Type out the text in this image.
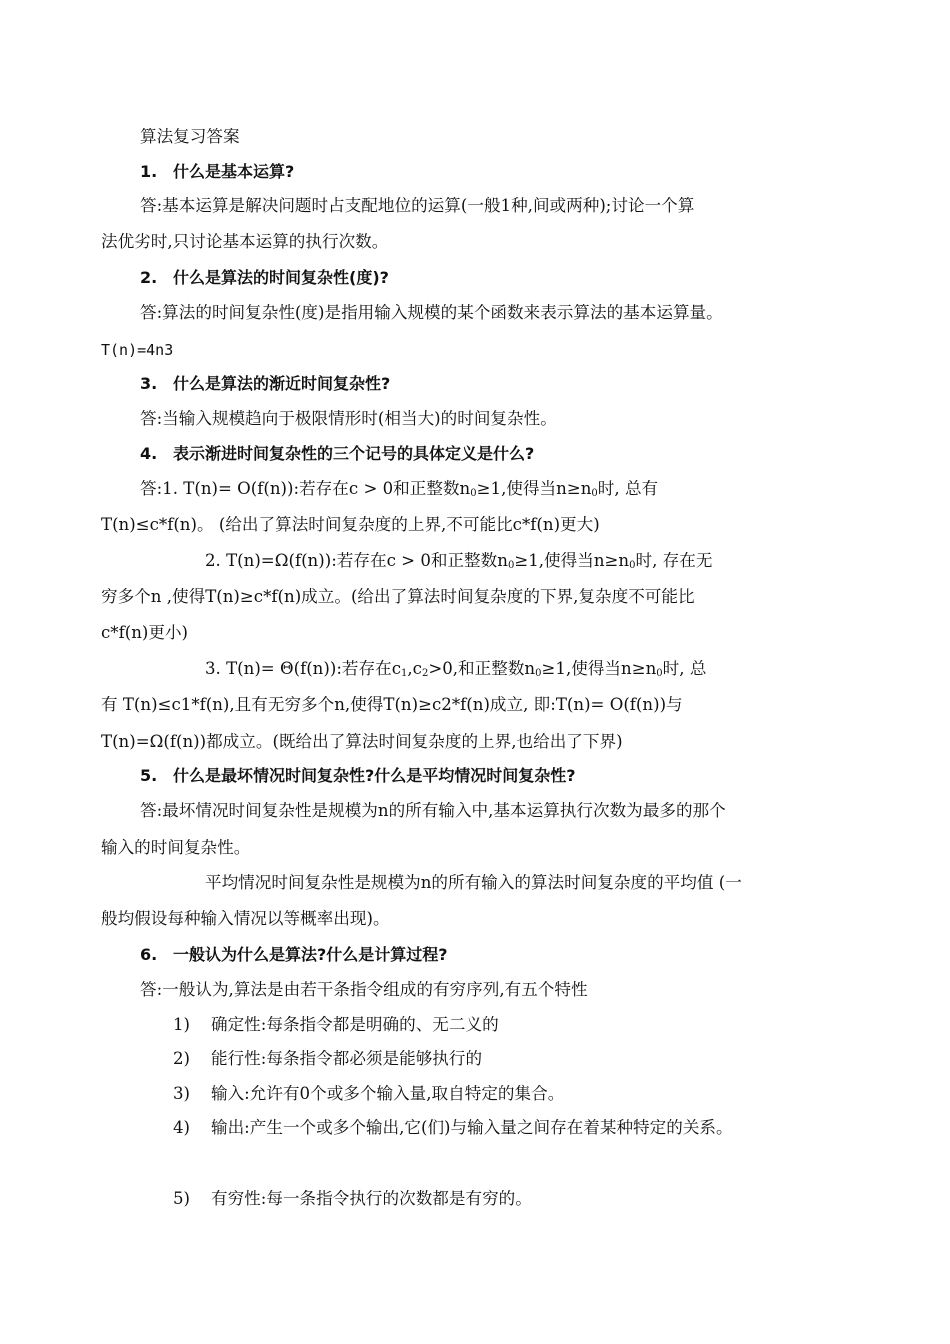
算法复习答案
1. 什么是基本运算?
答:基本运算是解决问题时占支配地位的运算(一般1种,间或两种);讨论一个算
法优劣时,只讨论基本运算的执行次数。
2. 什么是算法的时间复杂性(度)?
答:算法的时间复杂性(度)是指用输入规模的某个函数来表示算法的基本运算量。
T(n)=4n3
3. 什么是算法的渐近时间复杂性?
答:当输入规模趋向于极限情形时(相当大)的时间复杂性。
4. 表示渐进时间复杂性的三个记号的具体定义是什么?
答:1. T(n)= O(f(n)):若存在c > 0和正整数$n_0\ge 1$,使得当$n\ge n_0$时, 总有
T(n)≤c*f(n)。 (给出了算法时间复杂度的上界,不可能比c*f(n)更大)
2. T(n)=Ω(f(n)):若存在c > 0和正整数$n_0\ge 1$,使得当$n\ge n_0$时, 存在无
穷多个n ,使得T(n)≥c*f(n)成立。(给出了算法时间复杂度的下界,复杂度不可能比
c*f(n)更小)
3. T(n)= Θ(f(n)):若存在$c_1,c_2>0$,和正整数$n_0\ge 1$,使得当$n\ge n_0$时, 总
有 T(n)≤c1*f(n),且有无穷多个n,使得T(n)≥c2*f(n)成立, 即:T(n)= O(f(n))与
T(n)=Ω(f(n))都成立。(既给出了算法时间复杂度的上界,也给出了下界)
5. 什么是最坏情况时间复杂性?什么是平均情况时间复杂性?
答:最坏情况时间复杂性是规模为n的所有输入中,基本运算执行次数为最多的那个
输入的时间复杂性。
平均情况时间复杂性是规模为n的所有输入的算法时间复杂度的平均值 (一
般均假设每种输入情况以等概率出现)。
6. 一般认为什么是算法?什么是计算过程?
答:一般认为,算法是由若干条指令组成的有穷序列,有五个特性
1) 确定性:每条指令都是明确的、无二义的
2) 能行性:每条指令都必须是能够执行的
3) 输入:允许有0个或多个输入量,取自特定的集合。
4) 输出:产生一个或多个输出,它(们)与输入量之间存在着某种特定的关系。
5) 有穷性:每一条指令执行的次数都是有穷的。
